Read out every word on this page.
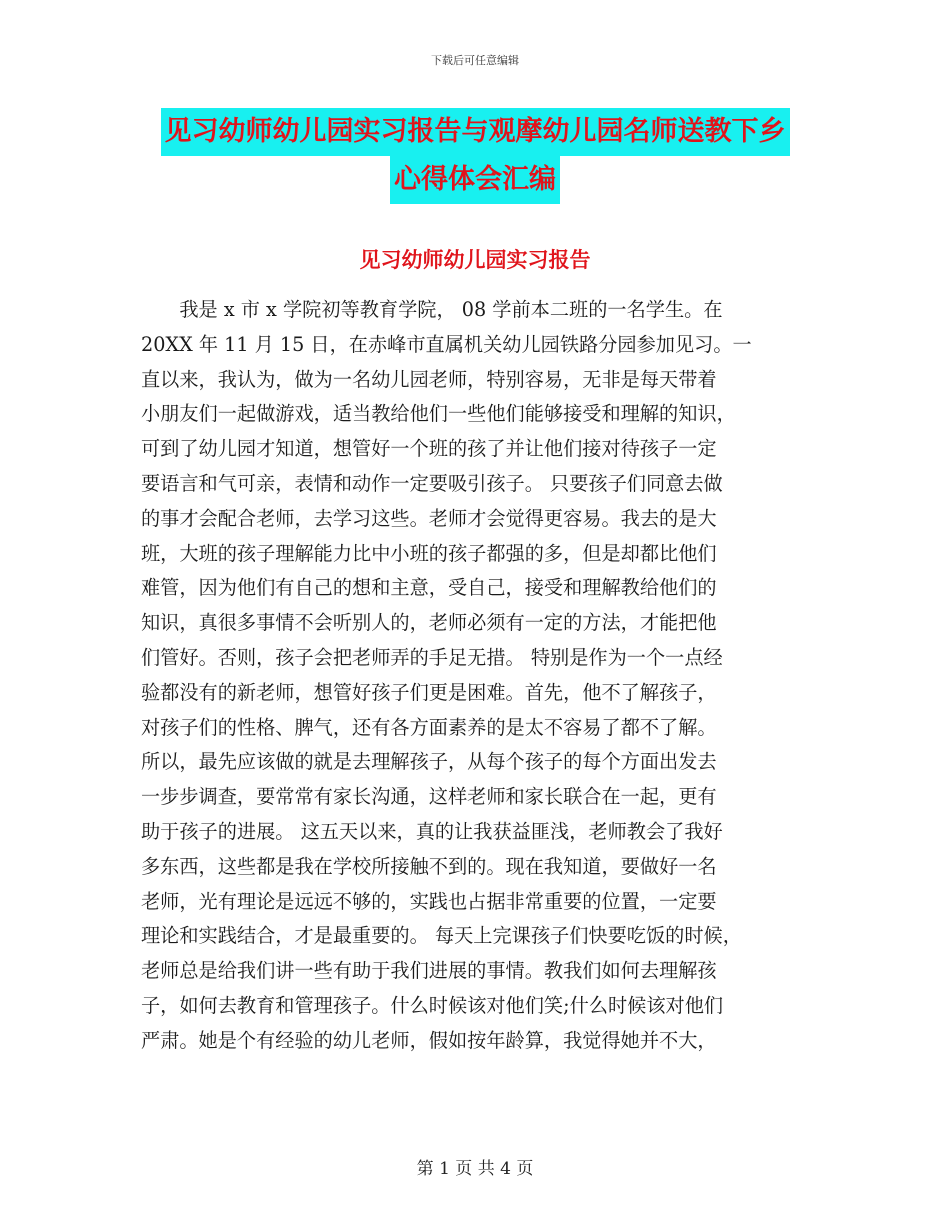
下载后可任意编辑
见习幼师幼儿园实习报告与观摩幼儿园名师送教下乡
心得体会汇编
见习幼师幼儿园实习报告
　　我是 x 市 x 学院初等教育学院， 08 学前本二班的一名学生。在
20XX 年 11 月 15 日，在赤峰市直属机关幼儿园铁路分园参加见习。一
直以来，我认为，做为一名幼儿园老师，特别容易，无非是每天带着
小朋友们一起做游戏，适当教给他们一些他们能够接受和理解的知识，
可到了幼儿园才知道，想管好一个班的孩了并让他们接对待孩子一定
要语言和气可亲，表情和动作一定要吸引孩子。 只要孩子们同意去做
的事才会配合老师，去学习这些。老师才会觉得更容易。我去的是大
班，大班的孩子理解能力比中小班的孩子都强的多，但是却都比他们
难管，因为他们有自己的想和主意，受自己，接受和理解教给他们的
知识，真很多事情不会听别人的，老师必须有一定的方法，才能把他
们管好。否则，孩子会把老师弄的手足无措。 特别是作为一个一点经
验都没有的新老师，想管好孩子们更是困难。首先，他不了解孩子，
对孩子们的性格、脾气，还有各方面素养的是太不容易了都不了解。
所以，最先应该做的就是去理解孩子，从每个孩子的每个方面出发去
一步步调查，要常常有家长沟通，这样老师和家长联合在一起，更有
助于孩子的进展。 这五天以来，真的让我获益匪浅，老师教会了我好
多东西，这些都是我在学校所接触不到的。现在我知道，要做好一名
老师，光有理论是远远不够的，实践也占据非常重要的位置，一定要
理论和实践结合，才是最重要的。 每天上完课孩子们快要吃饭的时候，
老师总是给我们讲一些有助于我们进展的事情。教我们如何去理解孩
子，如何去教育和管理孩子。什么时候该对他们笑;什么时候该对他们
严肃。她是个有经验的幼儿老师，假如按年龄算，我觉得她并不大，
第 1 页 共 4 页
